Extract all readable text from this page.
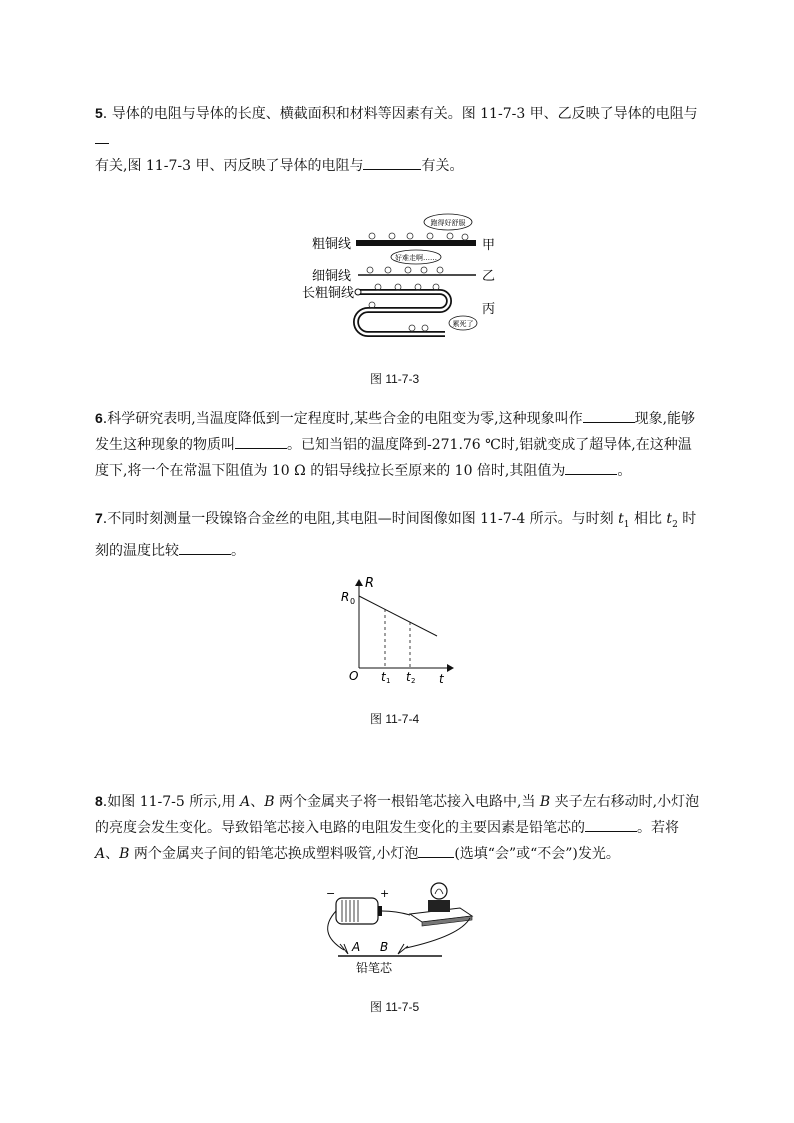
5. 导体的电阻与导体的长度、横截面积和材料等因素有关。图 11-7-3 甲、乙反映了导体的电阻与
有关,图 11-7-3 甲、丙反映了导体的电阻与	有关。
粗铜线
细铜线
长粗铜线
甲
乙
丙
跑得好舒服
好难走啊……
累死了
图 11-7-3
6.科学研究表明,当温度降低到一定程度时,某些合金的电阻变为零,这种现象叫作	现象,能够发生这种现象的物质叫	。已知当铝的温度降到-271.76 ℃时,铝就变成了超导体,在这种温度下,将一个在常温下阻值为 10 Ω 的铝导线拉长至原来的 10 倍时,其阻值为	。
7.不同时刻测量一段镍铬合金丝的电阻,其电阻—时间图像如图 11-7-4 所示。与时刻 $t_1$ 相比 $t_2$ 时刻的温度比较	。
R
R 0
O t 1 t 2 t
图 11-7-4
8.如图 11-7-5 所示,用 A、B 两个金属夹子将一根铅笔芯接入电路中,当 B 夹子左右移动时,小灯泡的亮度会发生变化。导致铅笔芯接入电路的电阻发生变化的主要因素是铅笔芯的	。若将 A、B 两个金属夹子间的铅笔芯换成塑料吸管,小灯泡	(选填“会”或“不会”)发光。
−	+
A B
铅笔芯
图 11-7-5
